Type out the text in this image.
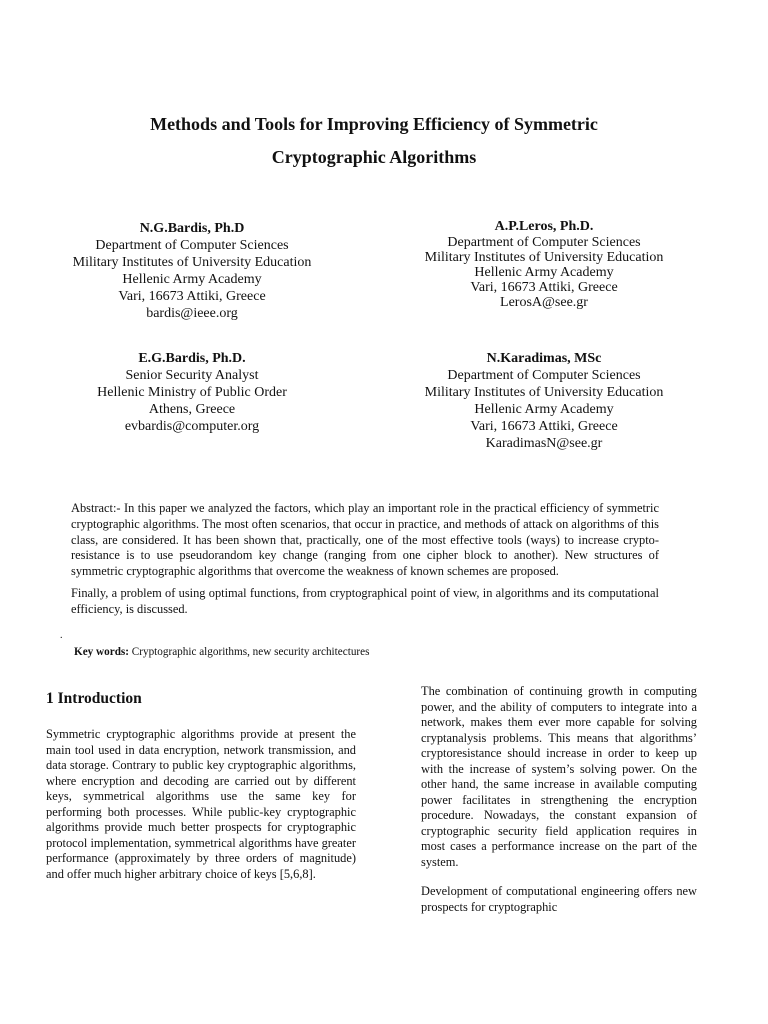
Methods and Tools for Improving Efficiency of Symmetric
Cryptographic Algorithms
N.G.Bardis, Ph.D
Department of Computer Sciences
Military Institutes of University Education
Hellenic Army Academy
Vari, 16673 Attiki, Greece
bardis@ieee.org
A.P.Leros, Ph.D.
Department of Computer Sciences
Military Institutes of University Education
Hellenic Army Academy
Vari, 16673 Attiki, Greece
LerosA@see.gr
E.G.Bardis, Ph.D.
Senior Security Analyst
Hellenic Ministry of Public Order
Athens, Greece
evbardis@computer.org
N.Karadimas, MSc
Department of Computer Sciences
Military Institutes of University Education
Hellenic Army Academy
Vari, 16673 Attiki, Greece
KaradimasN@see.gr

Abstract:- In this paper we analyzed the factors, which play an important role in the practical efficiency of symmetric cryptographic algorithms. The most often scenarios, that occur in practice, and methods of attack on algorithms of this class, are considered. It has been shown that, practically, one of the most effective tools (ways) to increase crypto-resistance is to use pseudorandom key change (ranging from one cipher block to another). New structures of symmetric cryptographic algorithms that overcome the weakness of known schemes are proposed.

Finally, a problem of using optimal functions, from cryptographical point of view, in algorithms and its computational efficiency, is discussed.

.
Key words: Cryptographic algorithms, new security architectures
1 Introduction

Symmetric cryptographic algorithms provide at present the main tool used in data encryption, network transmission, and data storage. Contrary to public key cryptographic algorithms, where encryption and decoding are carried out by different keys, symmetrical algorithms use the same key for performing both processes. While public-key cryptographic algorithms provide much better prospects for cryptographic protocol implementation, symmetrical algorithms have greater performance (approximately by three orders of magnitude) and offer much higher arbitrary choice of keys [5,6,8].

The combination of continuing growth in computing power, and the ability of computers to integrate into a network, makes them ever more capable for solving cryptanalysis problems. This means that algorithms’ cryptoresistance should increase in order to keep up with the increase of system’s solving power. On the other hand, the same increase in available computing power facilitates in strengthening the encryption procedure. Nowadays, the constant expansion of cryptographic security field application requires in most cases a performance increase on the part of the system.

Development of computational engineering offers new prospects for cryptographic
